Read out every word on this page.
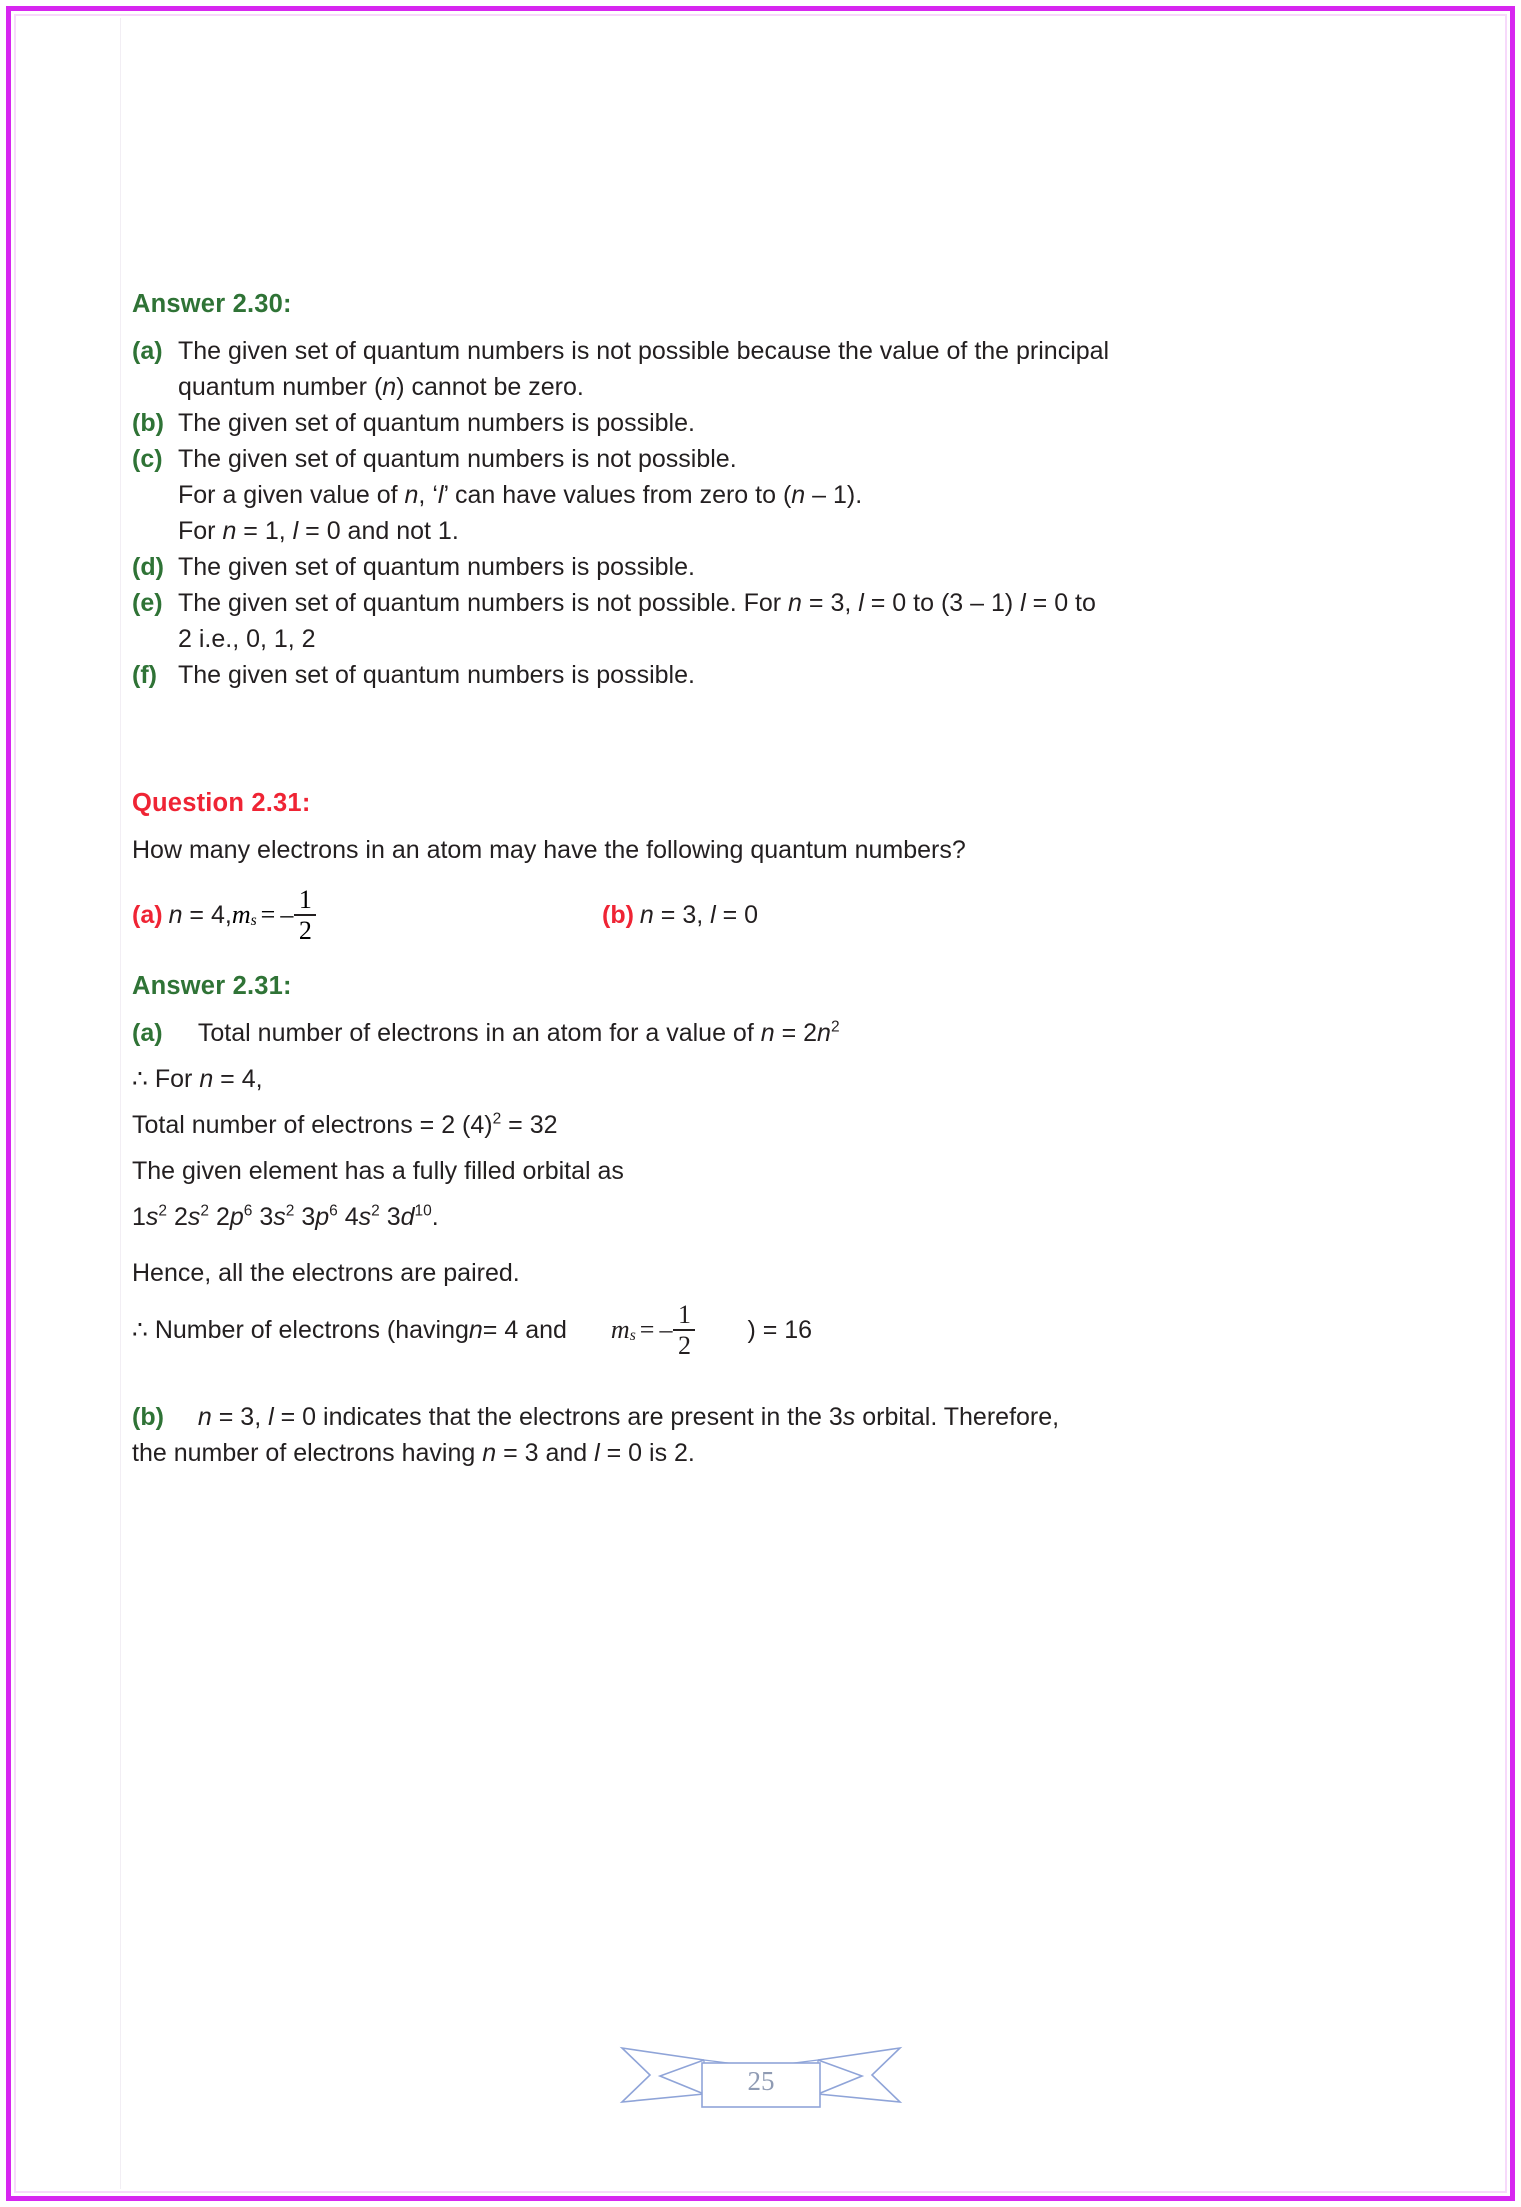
Answer 2.30:
(a) The given set of quantum numbers is not possible because the value of the principal
quantum number (n) cannot be zero.
(b) The given set of quantum numbers is possible.
(c) The given set of quantum numbers is not possible.
For a given value of n, ‘l’ can have values from zero to (n – 1).
For n = 1, l = 0 and not 1.
(d) The given set of quantum numbers is possible.
(e) The given set of quantum numbers is not possible. For n = 3, l = 0 to (3 – 1) l = 0 to
2 i.e., 0, 1, 2
(f) The given set of quantum numbers is possible.
Question 2.31:
How many electrons in an atom may have the following quantum numbers?
(a) n = 4, m s = – $\frac{1}{2}$	(b) n = 3, l = 0
Answer 2.31:
(a)	Total number of electrons in an atom for a value of $n = 2n^2$
∴ For n = 4,
Total number of electrons = 2 $(4)^2 = 32$
The given element has a fully filled orbital as
$1s^2$ $2s^2$ $2p^6$ $3s^2$ $3p^6$ $4s^2$ $3d^{10}$.
Hence, all the electrons are paired.
∴ Number of electrons (having n = 4 and m s = – $\frac{1}{2}$ ) = 16
(b)	n = 3, l = 0 indicates that the electrons are present in the 3s orbital. Therefore,
the number of electrons having n = 3 and l = 0 is 2.
25
